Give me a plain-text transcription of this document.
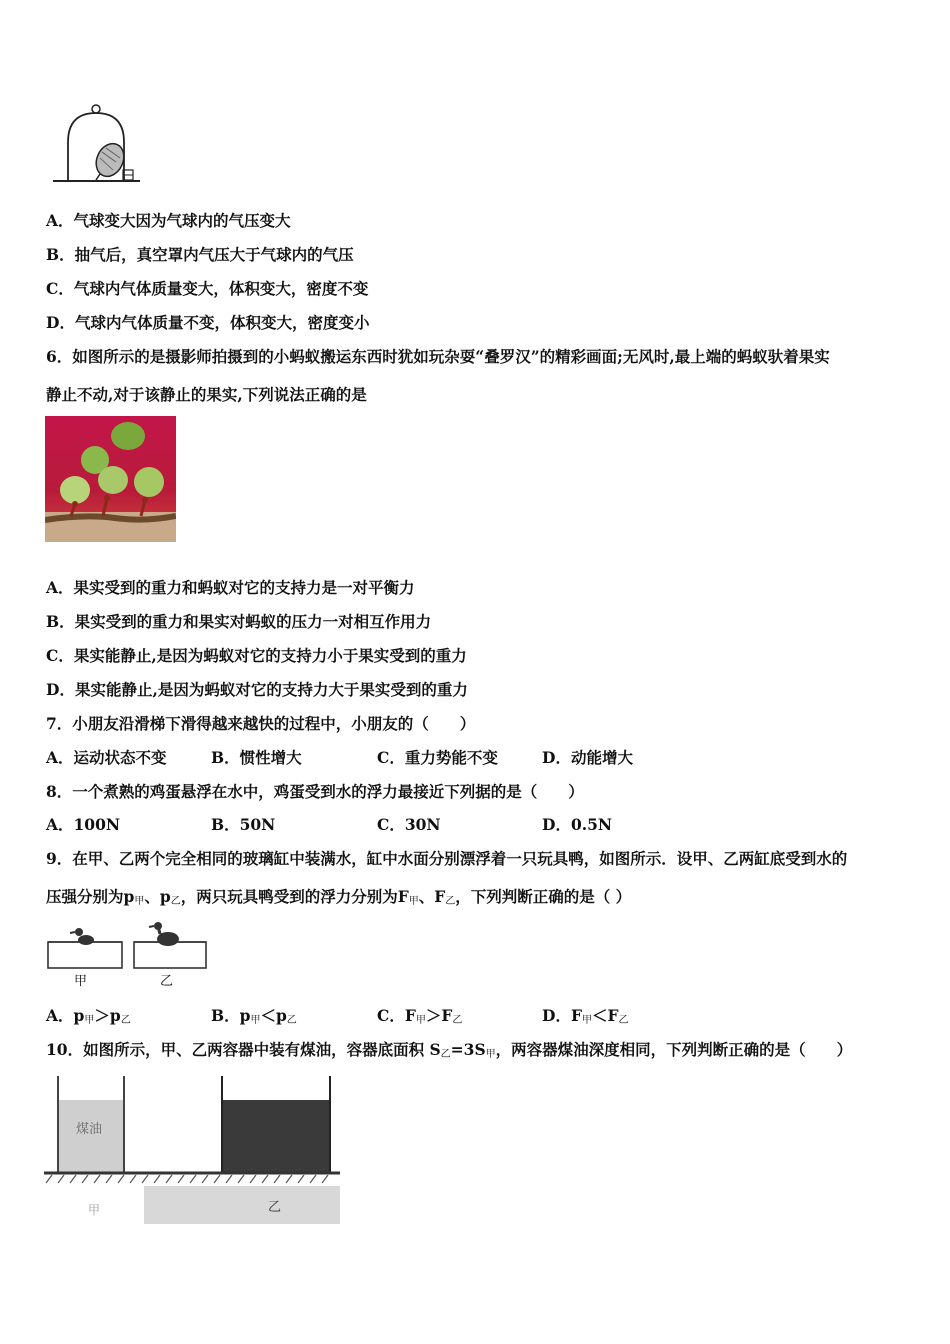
A．气球变大因为气球内的气压变大
B．抽气后，真空罩内气压大于气球内的气压
C．气球内气体质量变大，体积变大，密度不变
D．气球内气体质量不变，体积变大，密度变小
6．如图所示的是摄影师拍摄到的小蚂蚁搬运东西时犹如玩杂耍“叠罗汉”的精彩画面;无风时,最上端的蚂蚁驮着果实
静止不动,对于该静止的果实,下列说法正确的是
A．果实受到的重力和蚂蚁对它的支持力是一对平衡力
B．果实受到的重力和果实对蚂蚁的压力一对相互作用力
C．果实能静止,是因为蚂蚁对它的支持力小于果实受到的重力
D．果实能静止,是因为蚂蚁对它的支持力大于果实受到的重力
7．小朋友沿滑梯下滑得越来越快的过程中，小朋友的（　　）
A．运动状态不变	B．惯性增大	C．重力势能不变	D．动能增大
8．一个煮熟的鸡蛋悬浮在水中，鸡蛋受到水的浮力最接近下列据的是（　　）
A．100N	B．50N	C．30N	D．0.5N
9．在甲、乙两个完全相同的玻璃缸中装满水，缸中水面分别漂浮着一只玩具鸭，如图所示．设甲、乙两缸底受到水的
压强分别为$p_甲$、$p_乙$，两只玩具鸭受到的浮力分别为$F_甲$、$F_乙$，下列判断正确的是（ ）
甲	乙
A．$p_甲>p_乙$	B．$p_甲<p_乙$	C．$F_甲>F_乙$	D．$F_甲<F_乙$
10．如图所示，甲、乙两容器中装有煤油，容器底面积 $S_乙=3S_甲$，两容器煤油深度相同，下列判断正确的是（　　）
煤油
甲	乙
